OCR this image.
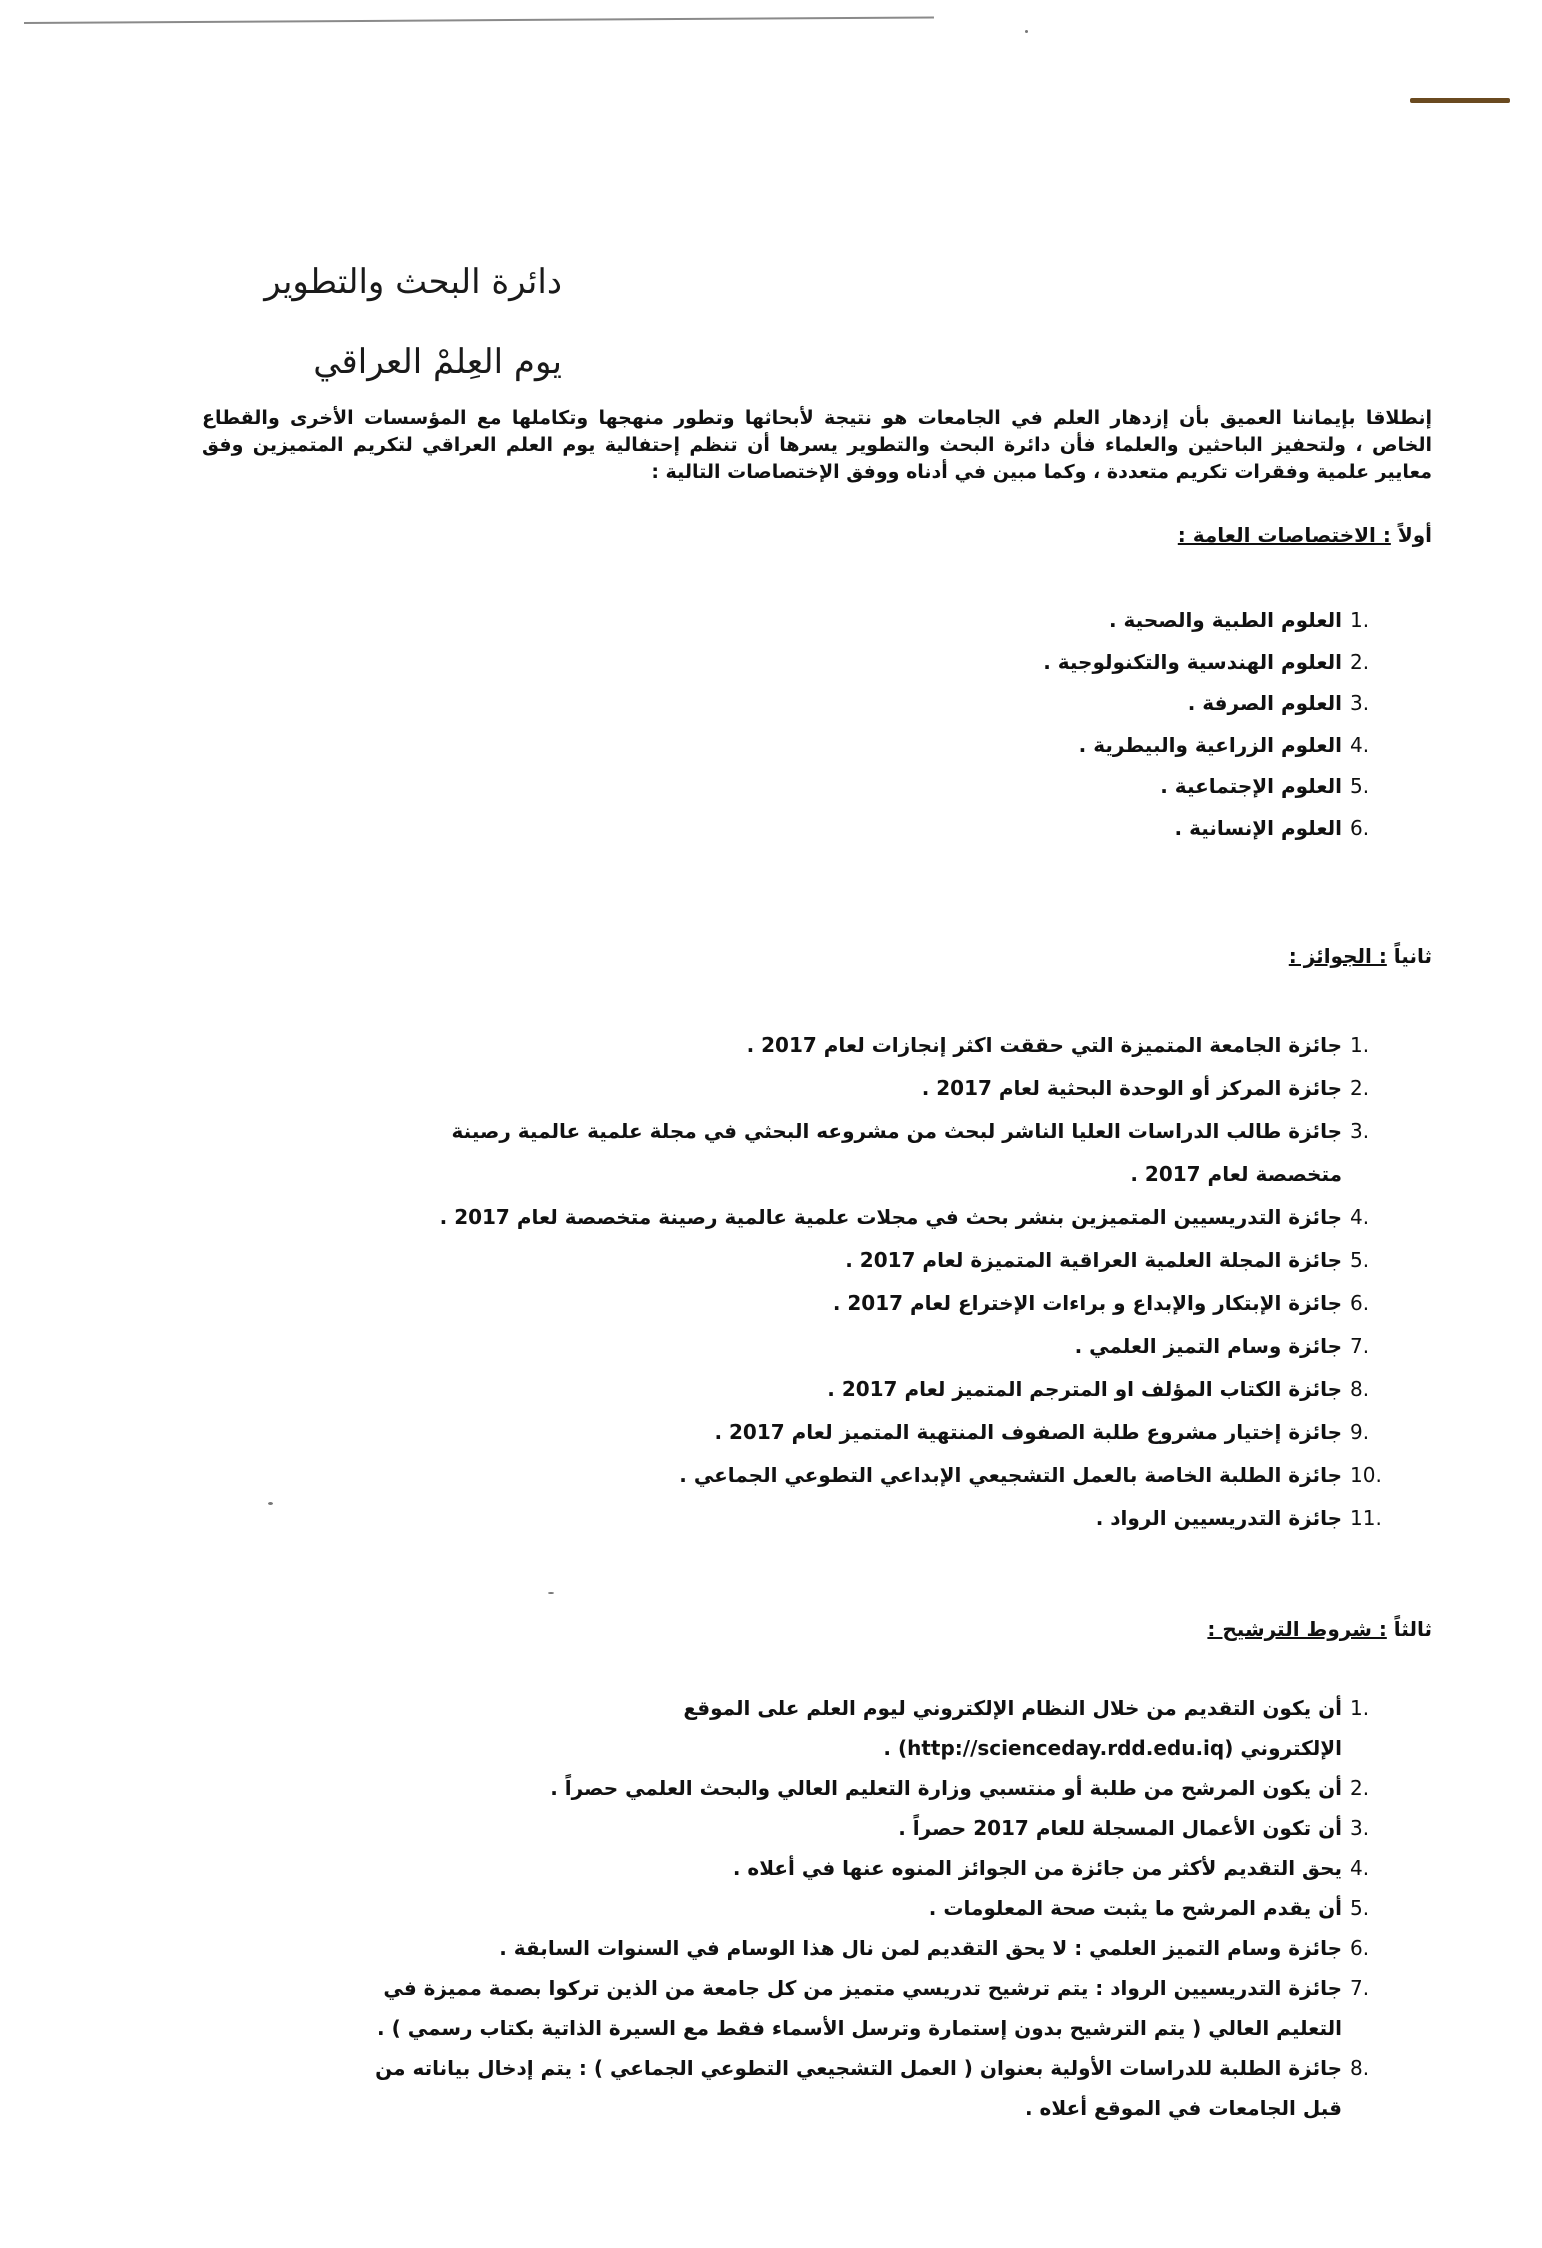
دائرة البحث والتطوير
يوم العِلمْ العراقي
إنطلاقا بإيماننا العميق بأن إزدهار العلم في الجامعات هو نتيجة لأبحاثها وتطور منهجها وتكاملها مع المؤسسات الأخرى والقطاع الخاص ، ولتحفيز الباحثين والعلماء فأن دائرة البحث والتطوير يسرها أن تنظم إحتفالية يوم العلم العراقي لتكريم المتميزين وفق معايير علمية وفقرات تكريم متعددة ، وكما مبين في أدناه ووفق الإختصاصات التالية :
أولاً : الاختصاصات العامة :
1.
العلوم الطبية والصحية .
2.
العلوم الهندسية والتكنولوجية .
3.
العلوم الصرفة .
4.
العلوم الزراعية والبيطرية .
5.
العلوم الإجتماعية .
6.
العلوم الإنسانية .
ثانياً : الجوائز :
1.
جائزة الجامعة المتميزة التي حققت اكثر إنجازات لعام 2017 .
2.
جائزة المركز أو الوحدة البحثية لعام 2017 .
3.
جائزة طالب الدراسات العليا الناشر لبحث من مشروعه البحثي في مجلة علمية عالمية رصينة متخصصة لعام 2017 .
4.
جائزة التدريسيين المتميزين بنشر بحث في مجلات علمية عالمية رصينة متخصصة لعام 2017 .
5.
جائزة المجلة العلمية العراقية المتميزة لعام 2017 .
6.
جائزة الإبتكار والإبداع و براءات الإختراع لعام 2017 .
7.
جائزة وسام التميز العلمي .
8.
جائزة الكتاب المؤلف او المترجم المتميز لعام 2017 .
9.
جائزة إختيار مشروع طلبة الصفوف المنتهية المتميز لعام 2017 .
10.
جائزة الطلبة الخاصة بالعمل التشجيعي الإبداعي التطوعي الجماعي .
11.
جائزة التدريسيين الرواد .
ثالثاً : شروط الترشيح :
1.
أن يكون التقديم من خلال النظام الإلكتروني ليوم العلم على الموقع الإلكتروني (http://scienceday.rdd.edu.iq) .
2.
أن يكون المرشح من طلبة أو منتسبي وزارة التعليم العالي والبحث العلمي حصراً .
3.
أن تكون الأعمال المسجلة للعام 2017 حصراً .
4.
يحق التقديم لأكثر من جائزة من الجوائز المنوه عنها في أعلاه .
5.
أن يقدم المرشح ما يثبت صحة المعلومات .
6.
جائزة وسام التميز العلمي : لا يحق التقديم لمن نال هذا الوسام في السنوات السابقة .
7.
جائزة التدريسيين الرواد : يتم ترشيح تدريسي متميز من كل جامعة من الذين تركوا بصمة مميزة في التعليم العالي ( يتم الترشيح بدون إستمارة وترسل الأسماء فقط مع السيرة الذاتية بكتاب رسمي ) .
8.
جائزة الطلبة للدراسات الأولية بعنوان ( العمل التشجيعي التطوعي الجماعي ) : يتم إدخال بياناته من قبل الجامعات في الموقع أعلاه .
